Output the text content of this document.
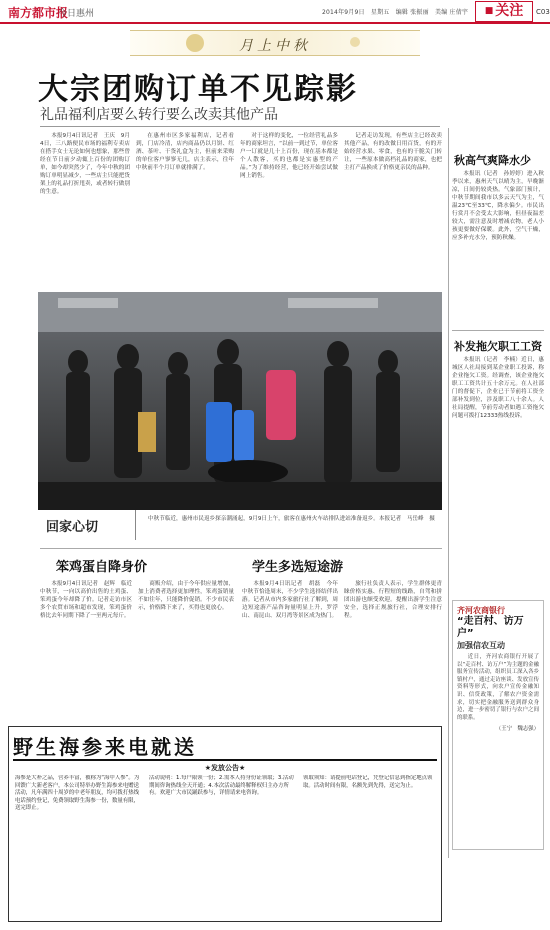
南方都市报
今日惠州	2014年9月9日　星期五　编辑 张振丽　美编 庄倩宇
■	关注	C03
月上中秋
大宗团购订单不见踪影
礼品福利店要么转行要么改卖其他产品

本报9月4日讯记者　王庆　9月4日，三八路便民市场的福利专卖店在搭手女士无论如何也想象，那些曾经在节日前夕动辄上百份的团购订单，如今却突然少了，今年中秋的团购订单明显减少，一些店主只能把货架上的礼品打折甩卖，或者转行做别的生意。

在惠州市区多家福利店，记者看到，门店冷清，店内商品仍以月饼、红酒、茶叶、干货礼盒为主，但前来采购的单位客户寥寥无几，店主表示，往年中秋前半个月订单就排满了。

对于这样的变化，一位经营礼品多年的商家坦言，“以前一到过节，单位客户一订就是几十上百份，现在基本都是个人散客，买的也都是实惠型的产品。”为了维持经营，他已经开始尝试做网上销售。

记者走访发现，有些店主已经改卖其他产品，有的改做日用百货，有的开始经营水果、零食，也有的干脆关门转让，一些原本做高档礼品的商家，也把主打产品换成了价格更亲民的品种。

回家心切
中秋节临近，惠州市民返乡探亲潮涌起，9月9日上午，旅客在惠州火车站排队进站准备返乡。本报记者　马岳峰　摄
笨鸡蛋自降身价

本报9月4日讯记者　赵辉　临近中秋节，一向以高价出售的土鸡蛋、笨鸡蛋今年却降了价。记者走访市区多个农贸市场和超市发现，笨鸡蛋价格比去年同期下降了一至两元每斤。

商贩介绍，由于今年供应量增加，加上消费者选择更加理性，笨鸡蛋销量不如往年，只能降价促销。不少市民表示，价格降下来了，买得也更放心。

学生多选短途游

本报9月4日讯记者　胡磊　今年中秋节恰逢周末，不少学生选择结伴出游。记者从市内多家旅行社了解到，周边短途游产品咨询量明显上升，罗浮山、南昆山、双月湾等景区成为热门。

旅行社负责人表示，学生群体更青睐价格实惠、行程短的线路，自驾和拼团出游也颇受欢迎。提醒出游学生注意安全，选择正规旅行社，合理安排行程。

秋高气爽降水少

本报讯（记者　孙婷婷）进入秋季以来，惠州天气以晴为主，早晚渐凉，日间仍较炎热。气象部门预计，中秋节期间我市以多云天气为主，气温23℃至33℃，降水偏少。市民出行赏月不会受太大影响，但昼夜温差较大，需注意及时增减衣物，老人小孩更要做好保暖。此外，空气干燥，应多补充水分，预防秋燥。

补发拖欠职工工资

本报讯（记者　李楠）近日，惠城区人社局接到某企业职工投诉，称企业拖欠工资。经调查，该企业拖欠职工工资共计五十余万元。在人社部门的督促下，企业已于节前将工资全部补发到位，涉及职工八十余人。人社局提醒，节前劳动者如遇工资拖欠问题可拨打12333热线投诉。

齐河农商银行
“走百村、访万户”
加强信农互动

近日，齐河农商银行开展了以“走百村、访万户”为主题的金融服务宣传活动，组织员工深入各乡镇村户，通过走访座谈、发放宣传资料等形式，向农户宣传金融知识、信贷政策，了解农户资金需求，切实把金融服务送到群众身边，进一步密切了银行与农户之间的联系。

（王宁　魏志强）
野生海参来电就送
★发放公告★
海参是大补之品，营养丰富，被称为“海中人参”。为回馈广大新老客户，本公司特举办野生海参来电赠送活动，凡年满四十周岁的中老年朋友，均可拨打热线电话预约登记，免费领取野生海参一份，数量有限，送完即止。
活动说明：1.每户限领一份；2.需本人持身份证领取；3.活动期间咨询热线全天开通；4.本次活动最终解释权归主办方所有。欢迎广大市民踊跃参与，详情请来电咨询。
领取须知：请提前电话登记，凭登记信息到指定地点领取。活动时间有限，名额先到先得，送完为止。
